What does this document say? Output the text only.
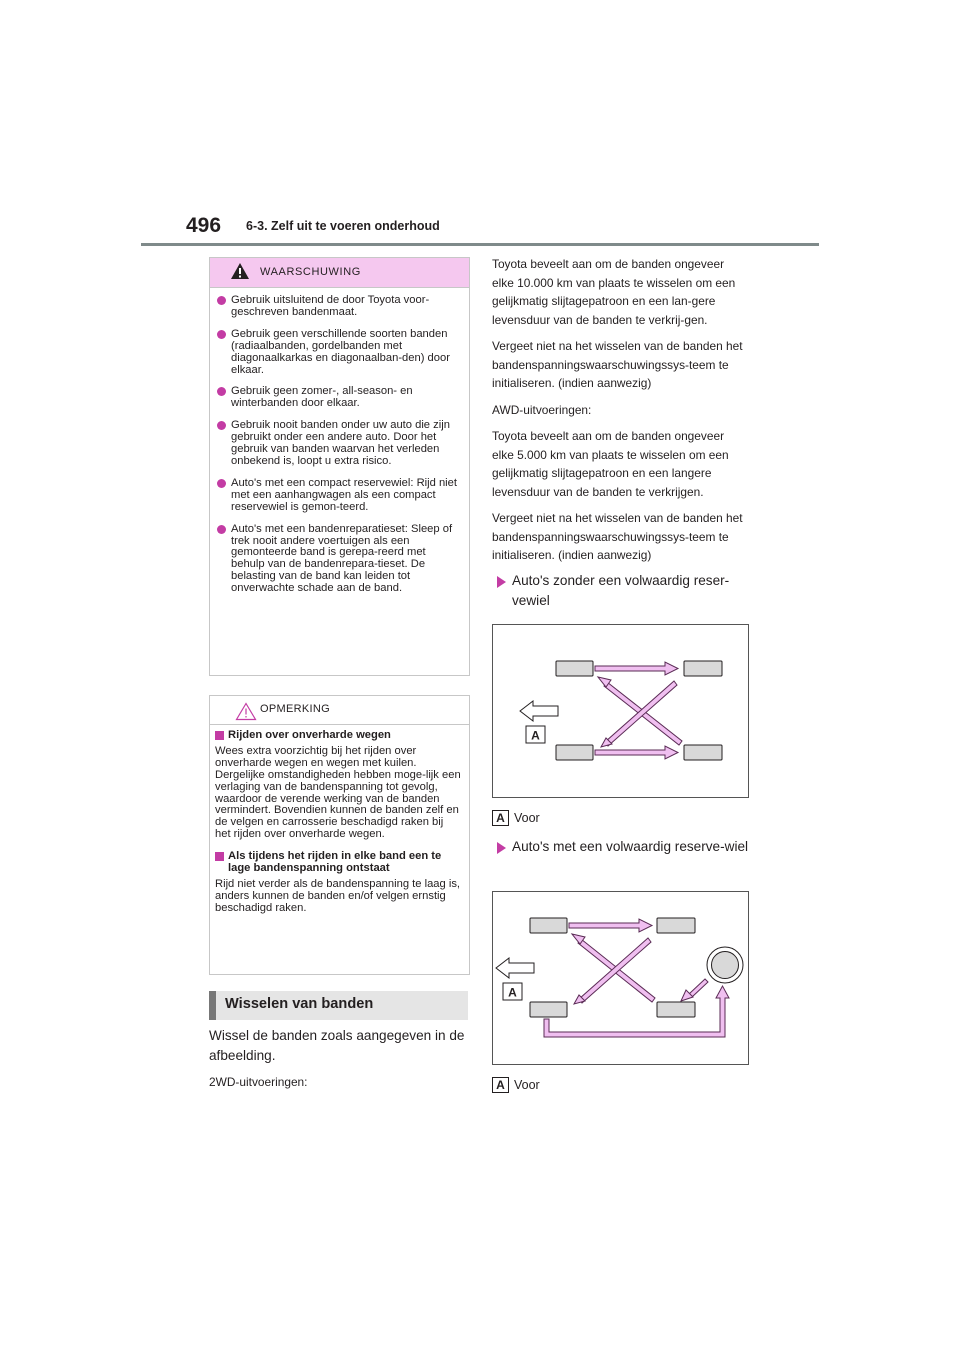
496 6-3. Zelf uit te voeren onderhoud
WAARSCHUWING
Gebruik uitsluitend de door Toyota voor-geschreven bandenmaat.
Gebruik geen verschillende soorten banden (radiaalbanden, gordelbanden met diagonaalkarkas en diagonaalban-den) door elkaar.
Gebruik geen zomer-, all-season- en winterbanden door elkaar.
Gebruik nooit banden onder uw auto die zijn gebruikt onder een andere auto. Door het gebruik van banden waarvan het verleden onbekend is, loopt u extra risico.
Auto's met een compact reservewiel: Rijd niet met een aanhangwagen als een compact reservewiel is gemon-teerd.
Auto's met een bandenreparatieset: Sleep of trek nooit andere voertuigen als een gemonteerde band is gerepa-reerd met behulp van de bandenrepara-tieset. De belasting van de band kan leiden tot onverwachte schade aan de band.
OPMERKING
Rijden over onverharde wegen
Wees extra voorzichtig bij het rijden over onverharde wegen en wegen met kuilen. Dergelijke omstandigheden hebben moge-lijk een verlaging van de bandenspanning tot gevolg, waardoor de verende werking van de banden vermindert. Bovendien kunnen de banden zelf en de velgen en carrosserie beschadigd raken bij het rijden over onverharde wegen.
Als tijdens het rijden in elke band een te lage bandenspanning ontstaat
Rijd niet verder als de bandenspanning te laag is, anders kunnen de banden en/of velgen ernstig beschadigd raken.
Wisselen van banden
Wissel de banden zoals aangegeven in de afbeelding.
2WD-uitvoeringen:

Toyota beveelt aan om de banden ongeveer elke 10.000 km van plaats te wisselen om een gelijkmatig slijtagepatroon en een lan-gere levensduur van de banden te verkrij-gen.

Vergeet niet na het wisselen van de banden het bandenspanningswaarschuwingssys-teem te initialiseren. (indien aanwezig)

AWD-uitvoeringen:

Toyota beveelt aan om de banden ongeveer elke 5.000 km van plaats te wisselen om een gelijkmatig slijtagepatroon en een langere levensduur van de banden te verkrijgen.

Vergeet niet na het wisselen van de banden het bandenspanningswaarschuwingssys-teem te initialiseren. (indien aanwezig)

Auto's zonder een volwaardig reser-vewiel
A
A Voor
Auto's met een volwaardig reserve-wiel
A
A Voor
